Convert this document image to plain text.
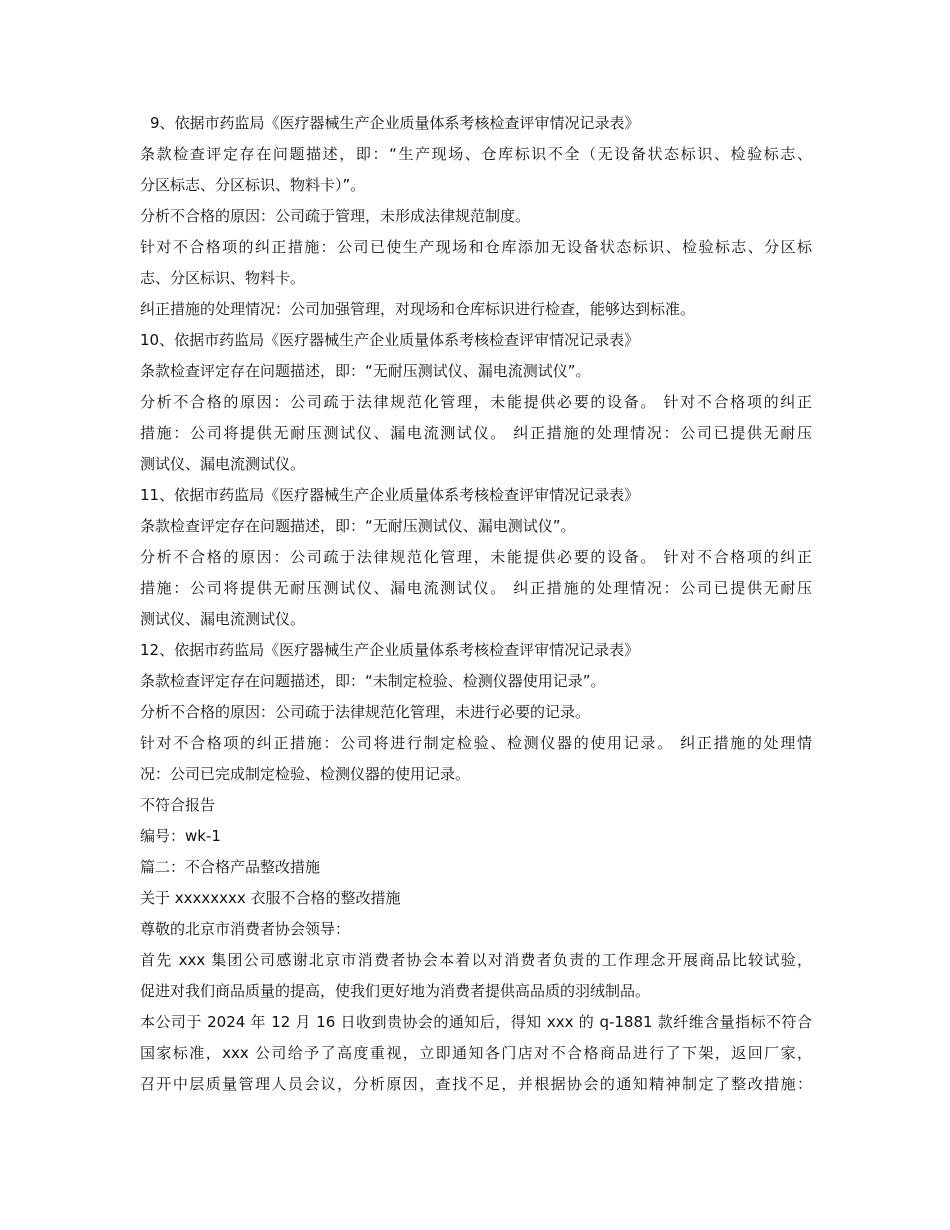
9、依据市药监局《医疗器械生产企业质量体系考核检查评审情况记录表》
条款检查评定存在问题描述，即：“生产现场、仓库标识不全（无设备状态标识、检验标志、
分区标志、分区标识、物料卡）”。
分析不合格的原因：公司疏于管理，未形成法律规范制度。
针对不合格项的纠正措施：公司已使生产现场和仓库添加无设备状态标识、检验标志、分区标
志、分区标识、物料卡。
纠正措施的处理情况：公司加强管理，对现场和仓库标识进行检查，能够达到标准。
10、依据市药监局《医疗器械生产企业质量体系考核检查评审情况记录表》
条款检查评定存在问题描述，即：“无耐压测试仪、漏电流测试仪”。
分析不合格的原因：公司疏于法律规范化管理，未能提供必要的设备。 针对不合格项的纠正
措施：公司将提供无耐压测试仪、漏电流测试仪。 纠正措施的处理情况：公司已提供无耐压
测试仪、漏电流测试仪。
11、依据市药监局《医疗器械生产企业质量体系考核检查评审情况记录表》
条款检查评定存在问题描述，即：“无耐压测试仪、漏电测试仪”。
分析不合格的原因：公司疏于法律规范化管理，未能提供必要的设备。 针对不合格项的纠正
措施：公司将提供无耐压测试仪、漏电流测试仪。 纠正措施的处理情况：公司已提供无耐压
测试仪、漏电流测试仪。
12、依据市药监局《医疗器械生产企业质量体系考核检查评审情况记录表》
条款检查评定存在问题描述，即：“未制定检验、检测仪器使用记录”。
分析不合格的原因：公司疏于法律规范化管理，未进行必要的记录。
针对不合格项的纠正措施：公司将进行制定检验、检测仪器的使用记录。 纠正措施的处理情
况：公司已完成制定检验、检测仪器的使用记录。
不符合报告
编号：wk-1
篇二：不合格产品整改措施
关于 xxxxxxxx 衣服不合格的整改措施
尊敬的北京市消费者协会领导：
首先 xxx 集团公司感谢北京市消费者协会本着以对消费者负责的工作理念开展商品比较试验，
促进对我们商品质量的提高，使我们更好地为消费者提供高品质的羽绒制品。
本公司于 2024 年 12 月 16 日收到贵协会的通知后，得知 xxx 的 q-1881 款纤维含量指标不符合
国家标准，xxx 公司给予了高度重视，立即通知各门店对不合格商品进行了下架，返回厂家，
召开中层质量管理人员会议，分析原因，查找不足，并根据协会的通知精神制定了整改措施：
